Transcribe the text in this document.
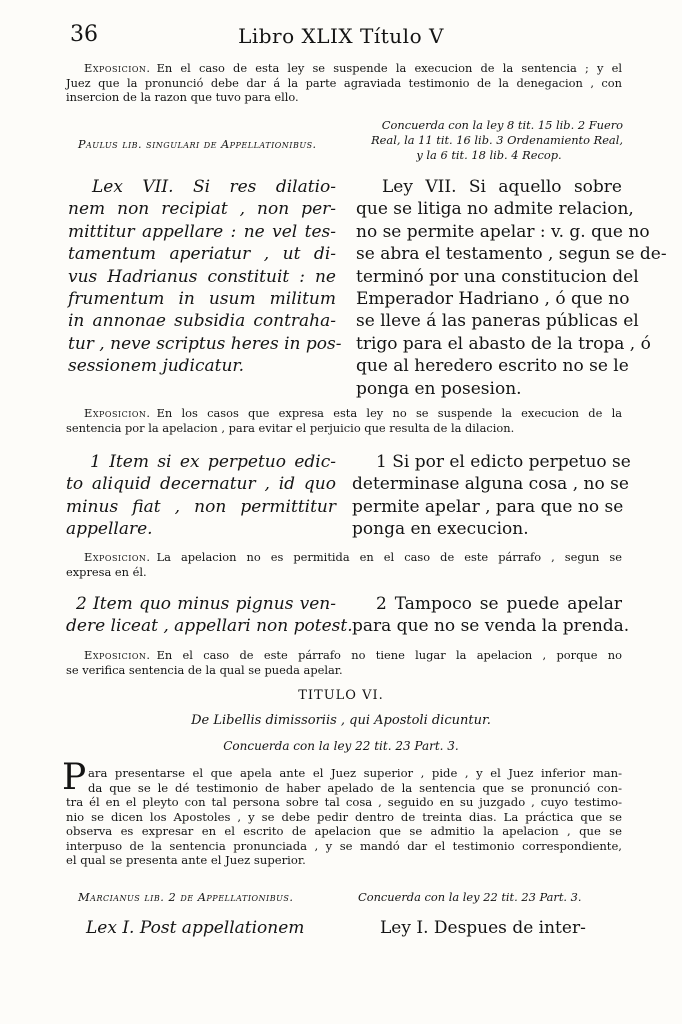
36	Libro XLIX Título V
Exposicion. En el caso de esta ley se suspende la execucion de la sentencia ; y el
Juez que la pronunció debe dar á la parte agraviada testimonio de la denegacion , con
insercion de la razon que tuvo para ello.
Paulus lib. singulari de Appellationibus.
Concuerda con la ley 8 tit. 15 lib. 2 Fuero
Real, la 11 tit. 16 lib. 3 Ordenamiento Real,
y la 6 tit. 18 lib. 4 Recop.
Lex VII. Si res dilatio-
nem non recipiat , non per-
mittitur appellare : ne vel tes-
tamentum aperiatur , ut di-
vus Hadrianus constituit : ne
frumentum in usum militum
in annonae subsidia contraha-
tur , neve scriptus heres in pos-
sessionem judicatur.
Ley VII. Si aquello sobre
que se litiga no admite relacion,
no se permite apelar : v. g. que no
se abra el testamento , segun se de-
terminó por una constitucion del
Emperador Hadriano , ó que no
se lleve á las paneras públicas el
trigo para el abasto de la tropa , ó
que al heredero escrito no se le
ponga en posesion.
Exposicion. En los casos que expresa esta ley no se suspende la execucion de la
sentencia por la apelacion , para evitar el perjuicio que resulta de la dilacion.
1 Item si ex perpetuo edic-
to aliquid decernatur , id quo
minus fiat , non permittitur
appellare.
1 Si por el edicto perpetuo se
determinase alguna cosa , no se
permite apelar , para que no se
ponga en execucion.
Exposicion. La apelacion no es permitida en el caso de este párrafo , segun se
expresa en él.
2 Item quo minus pignus ven-
dere liceat , appellari non potest.
2 Tampoco se puede apelar
para que no se venda la prenda.
Exposicion. En el caso de este párrafo no tiene lugar la apelacion , porque no
se verifica sentencia de la qual se pueda apelar.
TITULO VI.
De Libellis dimissoriis , qui Apostoli dicuntur.
Concuerda con la ley 22 tit. 23 Part. 3.
P ara presentarse el que apela ante el Juez superior , pide , y el Juez inferior man-
da que se le dé testimonio de haber apelado de la sentencia que se pronunció con-
tra él en el pleyto con tal persona sobre tal cosa , seguido en su juzgado , cuyo testimo-
nio se dicen los Apostoles , y se debe pedir dentro de treinta dias. La práctica que se
observa es expresar en el escrito de apelacion que se admitio la apelacion , que se
interpuso de la sentencia pronunciada , y se mandó dar el testimonio correspondiente,
el qual se presenta ante el Juez superior.
Marcianus lib. 2 de Appellationibus.	Concuerda con la ley 22 tit. 23 Part. 3.
Lex I. Post appellationem	Ley I. Despues de inter-
